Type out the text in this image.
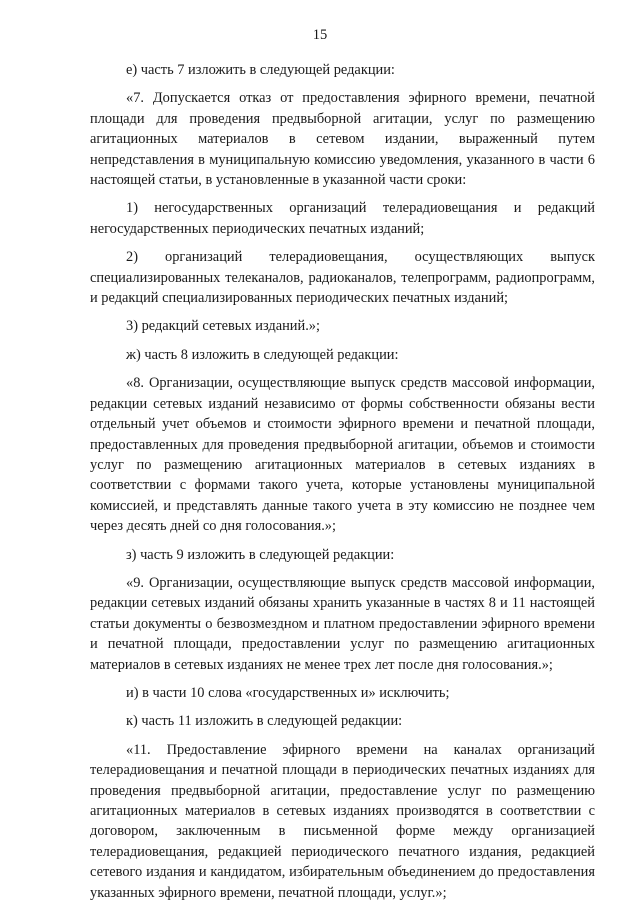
15

е) часть 7 изложить в следующей редакции:

«7. Допускается отказ от предоставления эфирного времени, печатной площади для проведения предвыборной агитации, услуг по размещению агитационных материалов в сетевом издании, выраженный путем непредставления в муниципальную комиссию уведомления, указанного в части 6 настоящей статьи, в установленные в указанной части сроки:

1) негосударственных организаций телерадиовещания и редакций негосударственных периодических печатных изданий;

2) организаций телерадиовещания, осуществляющих выпуск специализированных телеканалов, радиоканалов, телепрограмм, радиопрограмм, и редакций специализированных периодических печатных изданий;

3) редакций сетевых изданий.»;

ж) часть 8 изложить в следующей редакции:

«8. Организации, осуществляющие выпуск средств массовой информации, редакции сетевых изданий независимо от формы собственности обязаны вести отдельный учет объемов и стоимости эфирного времени и печатной площади, предоставленных для проведения предвыборной агитации, объемов и стоимости услуг по размещению агитационных материалов в сетевых изданиях в соответствии с формами такого учета, которые установлены муниципальной комиссией, и представлять данные такого учета в эту комиссию не позднее чем через десять дней со дня голосования.»;

з) часть 9 изложить в следующей редакции:

«9. Организации, осуществляющие выпуск средств массовой информации, редакции сетевых изданий обязаны хранить указанные в частях 8 и 11 настоящей статьи документы о безвозмездном и платном предоставлении эфирного времени и печатной площади, предоставлении услуг по размещению агитационных материалов в сетевых изданиях не менее трех лет после дня голосования.»;

и) в части 10 слова «государственных и» исключить;

к) часть 11 изложить в следующей редакции:

«11. Предоставление эфирного времени на каналах организаций телерадиовещания и печатной площади в периодических печатных изданиях для проведения предвыборной агитации, предоставление услуг по размещению агитационных материалов в сетевых изданиях производятся в соответствии с договором, заключенным в письменной форме между организацией телерадиовещания, редакцией периодического печатного издания, редакцией сетевого издания и кандидатом, избирательным объединением до предоставления указанных эфирного времени, печатной площади, услуг.»;
